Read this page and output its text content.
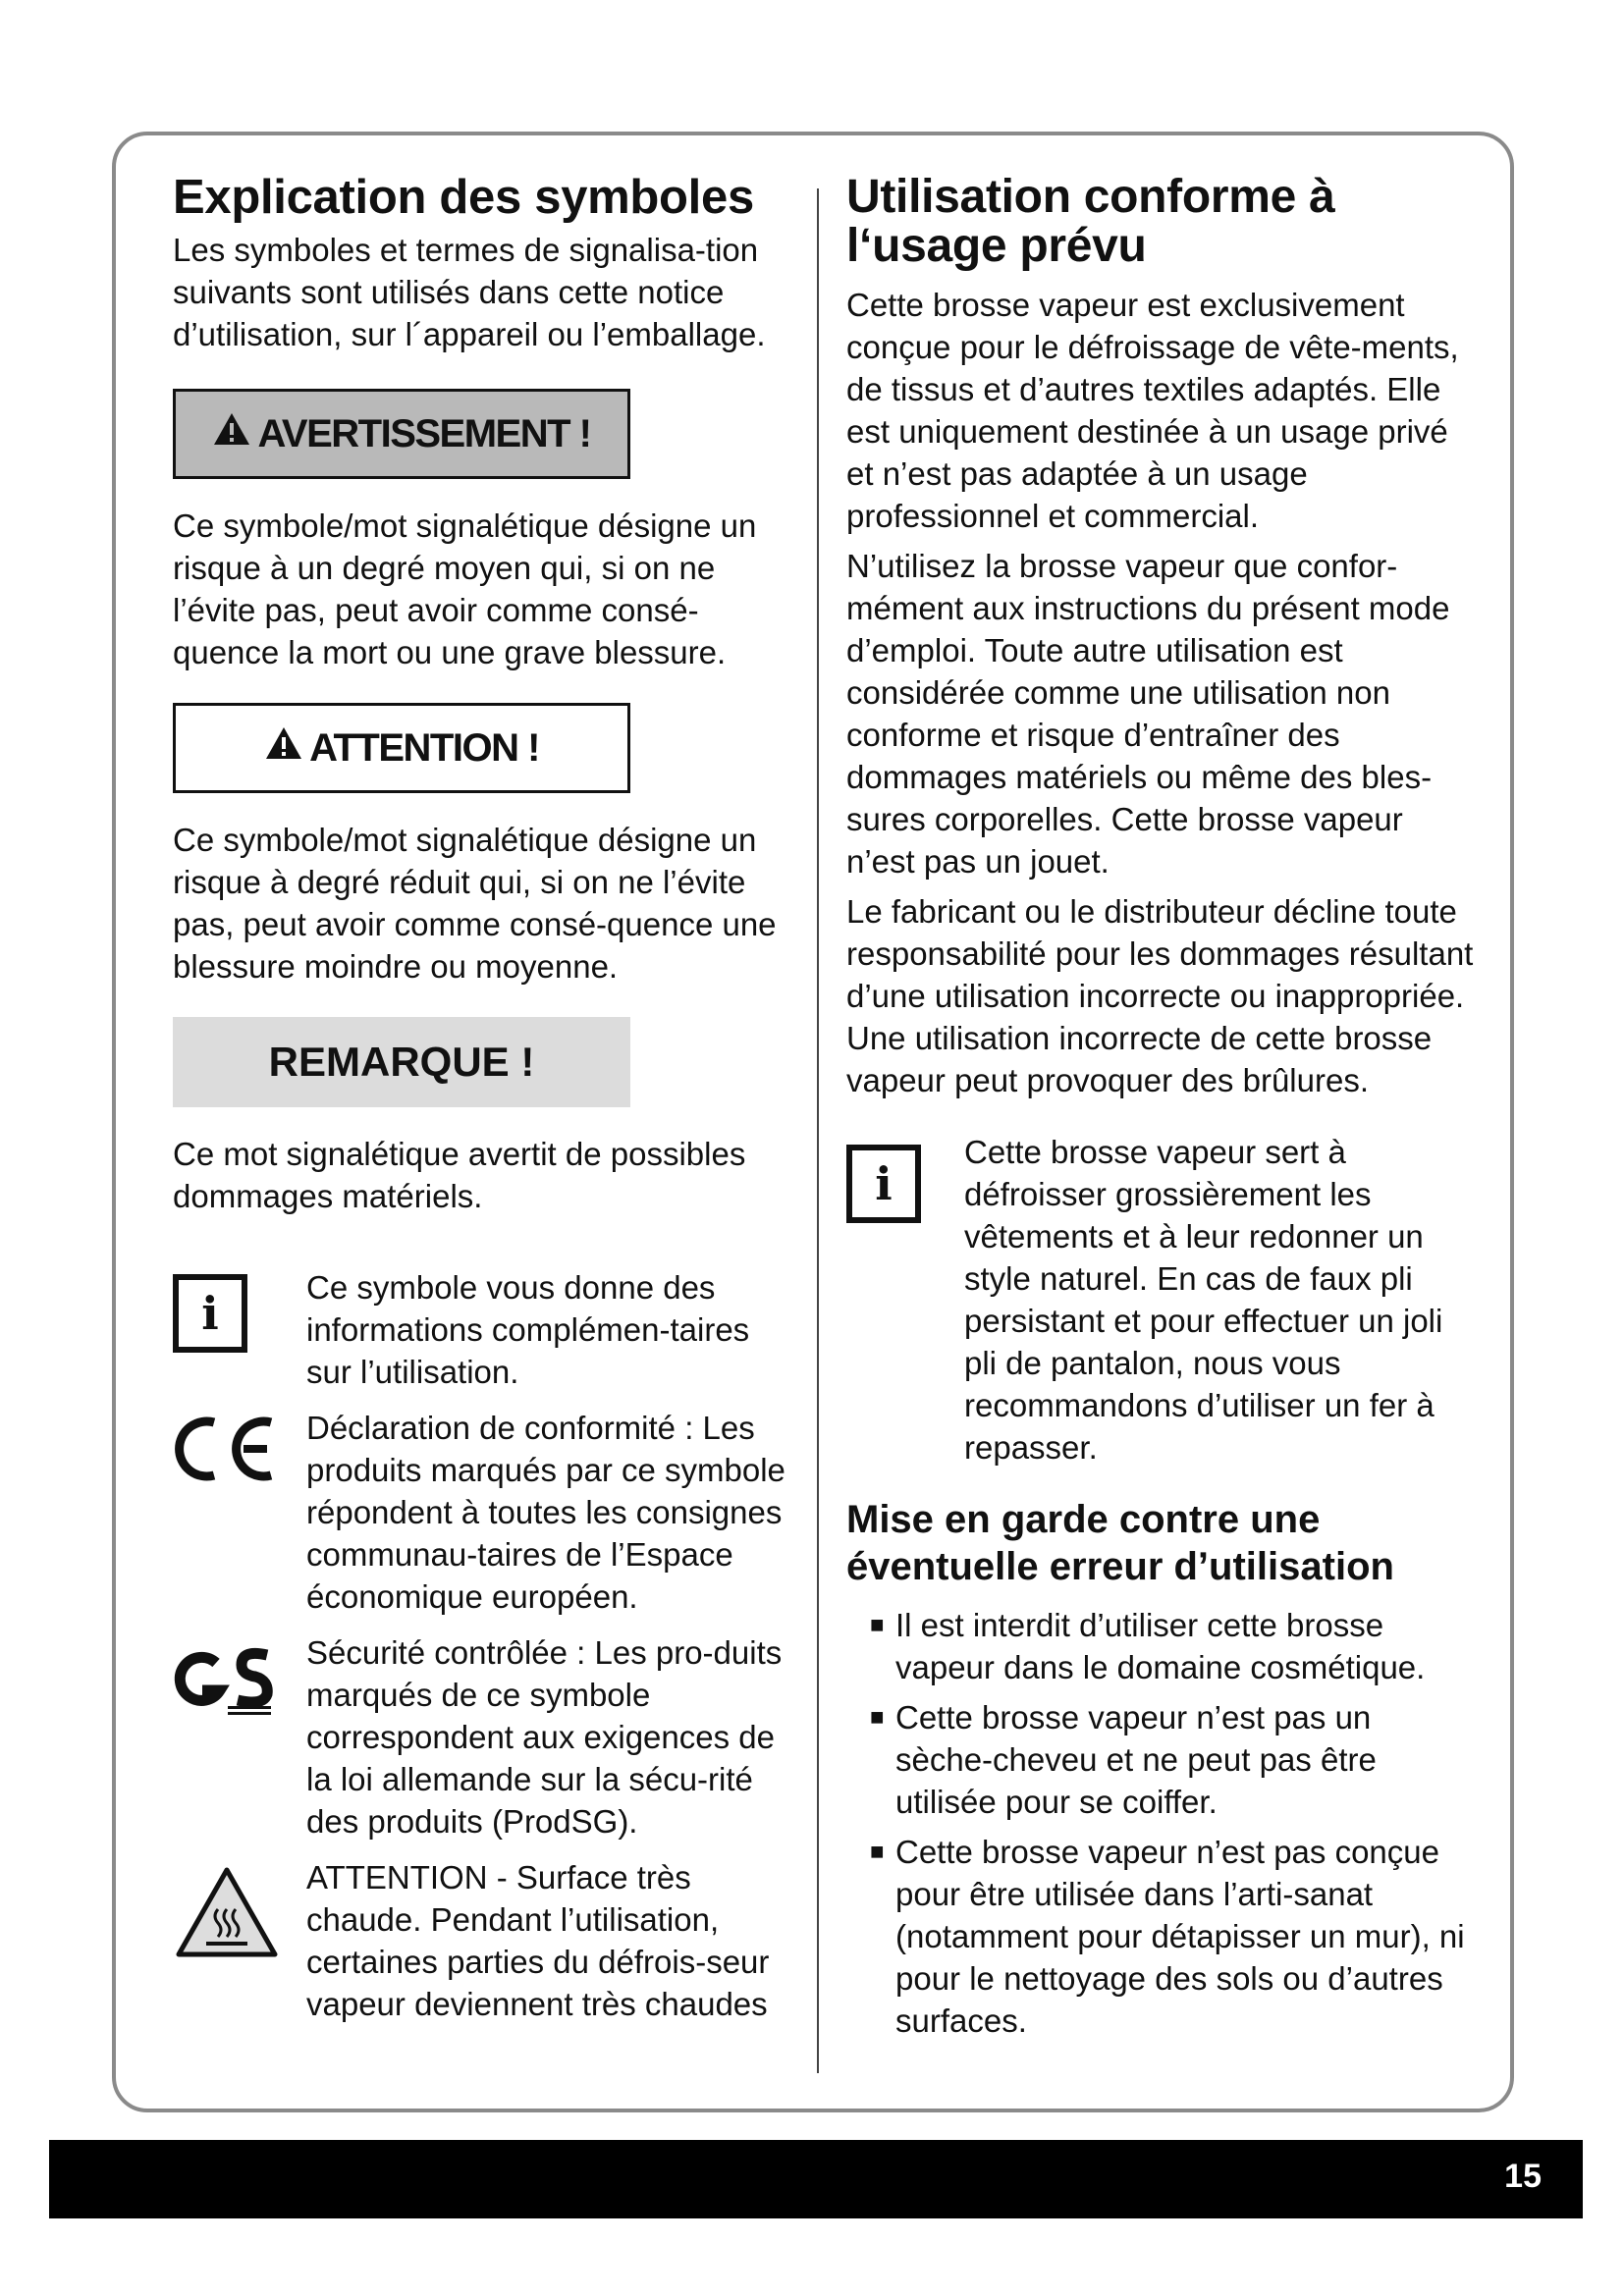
Explication des symboles

Les symboles et termes de signalisa-tion suivants sont utilisés dans cette notice d’utilisation, sur l´appareil ou l’emballage.

AVERTISSEMENT !

Ce symbole/mot signalétique désigne un risque à un degré moyen qui, si on ne l’évite pas, peut avoir comme consé-quence la mort ou une grave blessure.

ATTENTION !

Ce symbole/mot signalétique désigne un risque à degré réduit qui, si on ne l’évite pas, peut avoir comme consé-quence une blessure moindre ou moyenne.

REMARQUE !

Ce mot signalétique avertit de possibles dommages matériels.

i	Ce symbole vous donne des informations complémen-taires sur l’utilisation.

Déclaration de conformité : Les produits marqués par ce symbole répondent à toutes les consignes communau-taires de l’Espace économique européen.

Sécurité contrôlée : Les pro-duits marqués de ce symbole correspondent aux exigences de la loi allemande sur la sécu-rité des produits (ProdSG).

ATTENTION - Surface très chaude. Pendant l’utilisation, certaines parties du défrois-seur vapeur deviennent très chaudes

Utilisation conforme à l‘usage prévu

Cette brosse vapeur est exclusivement conçue pour le défroissage de vête-ments, de tissus et d’autres textiles adaptés. Elle est uniquement destinée à un usage privé et n’est pas adaptée à un usage professionnel et commercial.

N’utilisez la brosse vapeur que confor-mément aux instructions du présent mode d’emploi. Toute autre utilisation est considérée comme une utilisation non conforme et risque d’entraîner des dommages matériels ou même des bles-sures corporelles. Cette brosse vapeur n’est pas un jouet.

Le fabricant ou le distributeur décline toute responsabilité pour les dommages résultant d’une utilisation incorrecte ou inappropriée. Une utilisation incorrecte de cette brosse vapeur peut provoquer des brûlures.

i

Cette brosse vapeur sert à défroisser grossièrement les vêtements et à leur redonner un style naturel. En cas de faux pli persistant et pour effectuer un joli pli de pantalon, nous vous recommandons d’utiliser un fer à repasser.

Mise en garde contre une éventuelle erreur d’utilisation
■ Il est interdit d’utiliser cette brosse vapeur dans le domaine cosmétique.
■ Cette brosse vapeur n’est pas un sèche-cheveu et ne peut pas être utilisée pour se coiffer.
■ Cette brosse vapeur n’est pas conçue pour être utilisée dans l’arti-sanat (notamment pour détapisser un mur), ni pour le nettoyage des sols ou d’autres surfaces.
15
